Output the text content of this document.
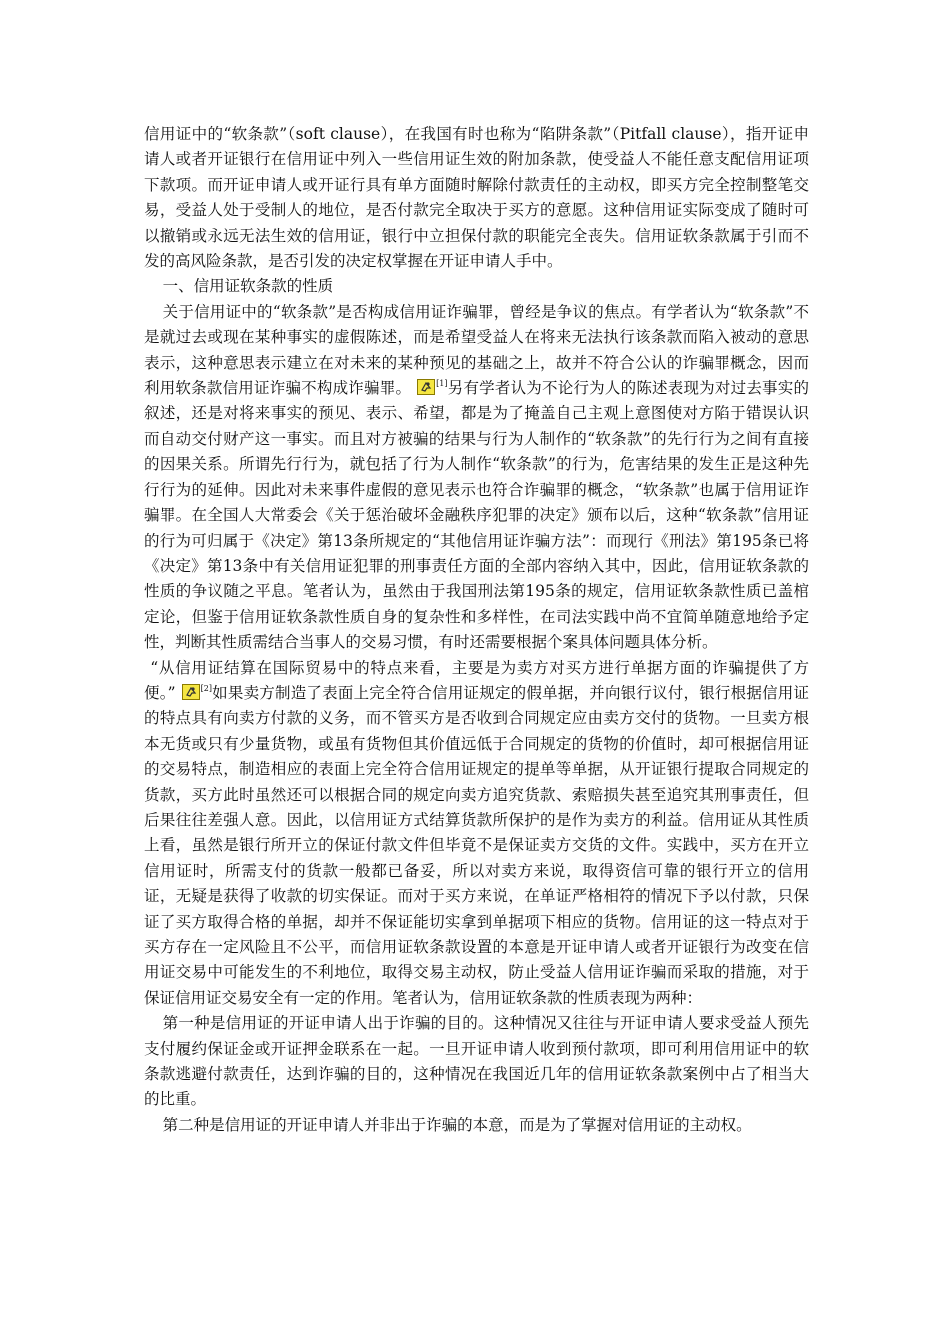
信用证中的“软条款”（soft clause），在我国有时也称为“陷阱条款”（Pitfall clause），指开证申请人或者开证银行在信用证中列入一些信用证生效的附加条款，使受益人不能任意支配信用证项下款项。而开证申请人或开证行具有单方面随时解除付款责任的主动权，即买方完全控制整笔交易，受益人处于受制人的地位，是否付款完全取决于买方的意愿。这种信用证实际变成了随时可以撤销或永远无法生效的信用证，银行中立担保付款的职能完全丧失。信用证软条款属于引而不发的高风险条款，是否引发的决定权掌握在开证申请人手中。

一、信用证软条款的性质

关于信用证中的“软条款”是否构成信用证诈骗罪，曾经是争议的焦点。有学者认为“软条款”不是就过去或现在某种事实的虚假陈述，而是希望受益人在将来无法执行该条款而陷入被动的意思表示，这种意思表示建立在对未来的某种预见的基础之上，故并不符合公认的诈骗罪概念，因而利用软条款信用证诈骗不构成诈骗罪。	[1]另有学者认为不论行为人的陈述表现为对过去事实的叙述，还是对将来事实的预见、表示、希望，都是为了掩盖自己主观上意图使对方陷于错误认识而自动交付财产这一事实。而且对方被骗的结果与行为人制作的“软条款”的先行行为之间有直接的因果关系。所谓先行行为，就包括了行为人制作“软条款”的行为，危害结果的发生正是这种先行行为的延伸。因此对未来事件虚假的意见表示也符合诈骗罪的概念，“软条款”也属于信用证诈骗罪。在全国人大常委会《关于惩治破坏金融秩序犯罪的决定》颁布以后，这种“软条款”信用证的行为可归属于《决定》第13条所规定的“其他信用证诈骗方法”：而现行《刑法》第195条已将《决定》第13条中有关信用证犯罪的刑事责任方面的全部内容纳入其中，因此，信用证软条款的性质的争议随之平息。笔者认为，虽然由于我国刑法第195条的规定，信用证软条款性质已盖棺定论，但鉴于信用证软条款性质自身的复杂性和多样性，在司法实践中尚不宜简单随意地给予定性，判断其性质需结合当事人的交易习惯，有时还需要根据个案具体问题具体分析。

“从信用证结算在国际贸易中的特点来看，主要是为卖方对买方进行单据方面的诈骗提供了方便。”	[2]如果卖方制造了表面上完全符合信用证规定的假单据，并向银行议付，银行根据信用证的特点具有向卖方付款的义务，而不管买方是否收到合同规定应由卖方交付的货物。一旦卖方根本无货或只有少量货物，或虽有货物但其价值远低于合同规定的货物的价值时，却可根据信用证的交易特点，制造相应的表面上完全符合信用证规定的提单等单据，从开证银行提取合同规定的货款，买方此时虽然还可以根据合同的规定向卖方追究货款、索赔损失甚至追究其刑事责任，但后果往往差强人意。因此，以信用证方式结算货款所保护的是作为卖方的利益。信用证从其性质上看，虽然是银行所开立的保证付款文件但毕竟不是保证卖方交货的文件。实践中，买方在开立信用证时，所需支付的货款一般都已备妥，所以对卖方来说，取得资信可靠的银行开立的信用证，无疑是获得了收款的切实保证。而对于买方来说，在单证严格相符的情况下予以付款，只保证了买方取得合格的单据，却并不保证能切实拿到单据项下相应的货物。信用证的这一特点对于买方存在一定风险且不公平，而信用证软条款设置的本意是开证申请人或者开证银行为改变在信用证交易中可能发生的不利地位，取得交易主动权，防止受益人信用证诈骗而采取的措施，对于保证信用证交易安全有一定的作用。笔者认为，信用证软条款的性质表现为两种：

第一种是信用证的开证申请人出于诈骗的目的。这种情况又往往与开证申请人要求受益人预先支付履约保证金或开证押金联系在一起。一旦开证申请人收到预付款项，即可利用信用证中的软条款逃避付款责任，达到诈骗的目的，这种情况在我国近几年的信用证软条款案例中占了相当大的比重。

第二种是信用证的开证申请人并非出于诈骗的本意，而是为了掌握对信用证的主动权。
